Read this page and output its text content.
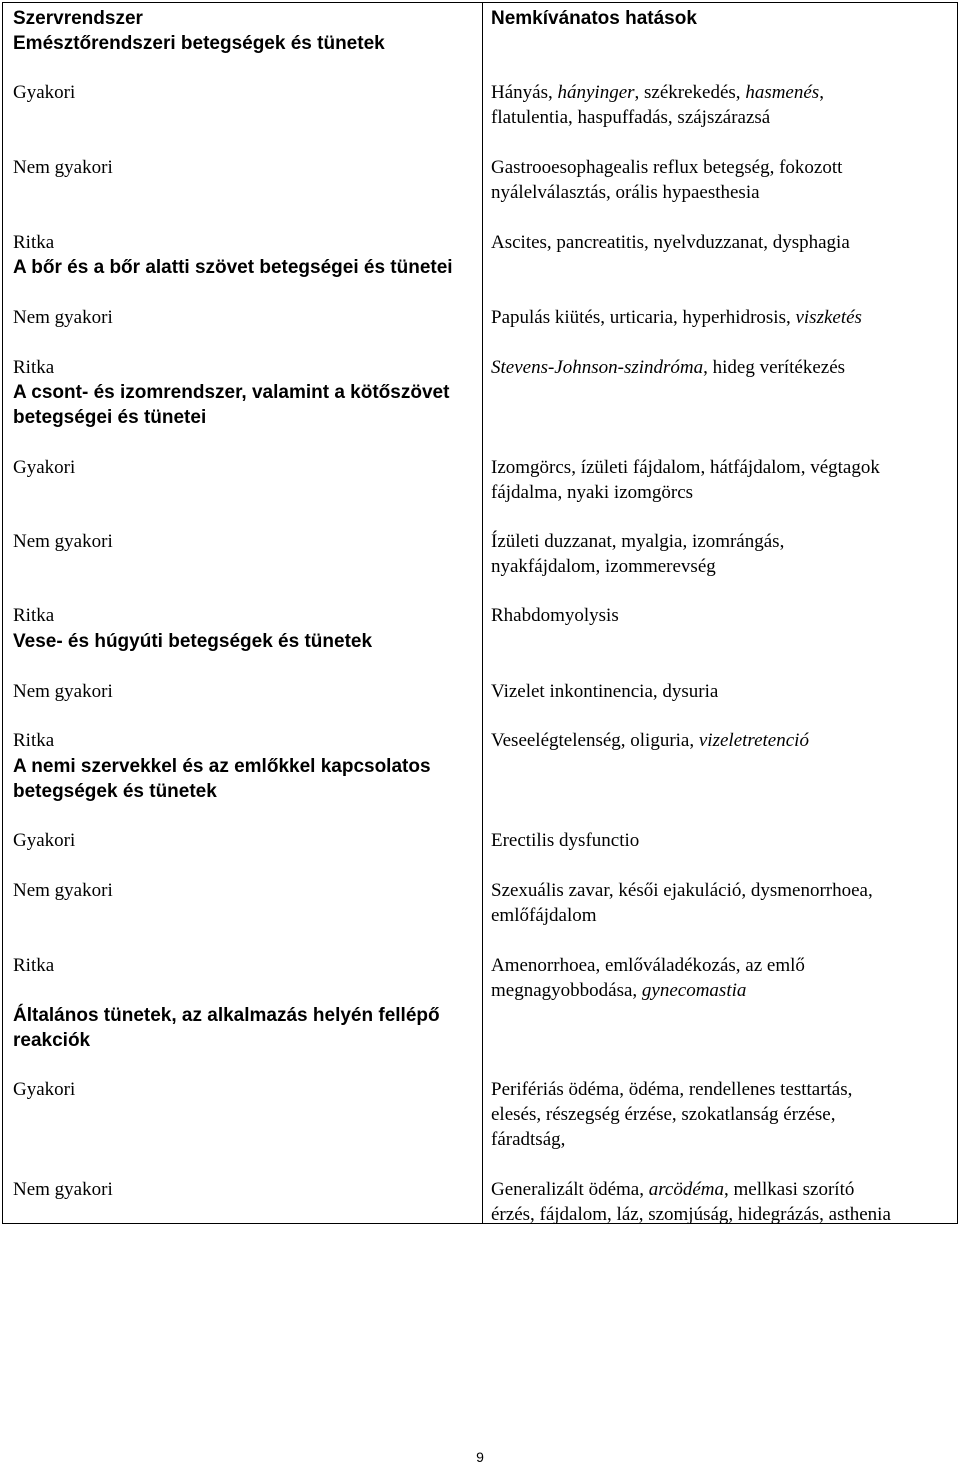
Szervrendszer
Emésztőrendszeri betegségek és tünetek
Gyakori
Nem gyakori
Ritka
A bőr és a bőr alatti szövet betegségei és tünetei
Nem gyakori
Ritka
A csont- és izomrendszer, valamint a kötőszövet
betegségei és tünetei
Gyakori
Nem gyakori
Ritka
Vese- és húgyúti betegségek és tünetek
Nem gyakori
Ritka
A nemi szervekkel és az emlőkkel kapcsolatos
betegségek és tünetek
Gyakori
Nem gyakori
Ritka
Általános tünetek, az alkalmazás helyén fellépő
reakciók
Gyakori
Nem gyakori
Nemkívánatos hatások
Hányás, hányinger, székrekedés, hasmenés,
flatulentia, haspuffadás, szájszárazsá
Gastrooesophagealis reflux betegség, fokozott
nyálelválasztás, orális hypaesthesia
Ascites, pancreatitis, nyelvduzzanat, dysphagia
Papulás kiütés, urticaria, hyperhidrosis, viszketés
Stevens-Johnson-szindróma, hideg verítékezés
Izomgörcs, ízületi fájdalom, hátfájdalom, végtagok
fájdalma, nyaki izomgörcs
Ízületi duzzanat, myalgia, izomrángás,
nyakfájdalom, izommerevség
Rhabdomyolysis
Vizelet inkontinencia, dysuria
Veseelégtelenség, oliguria, vizeletretenció
Erectilis dysfunctio
Szexuális zavar, késői ejakuláció, dysmenorrhoea,
emlőfájdalom
Amenorrhoea, emlőváladékozás, az emlő
megnagyobbodása, gynecomastia
Perifériás ödéma, ödéma, rendellenes testtartás,
elesés, részegség érzése, szokatlanság érzése,
fáradtság,
Generalizált ödéma, arcödéma, mellkasi szorító
érzés, fájdalom, láz, szomjúság, hidegrázás, asthenia
9
